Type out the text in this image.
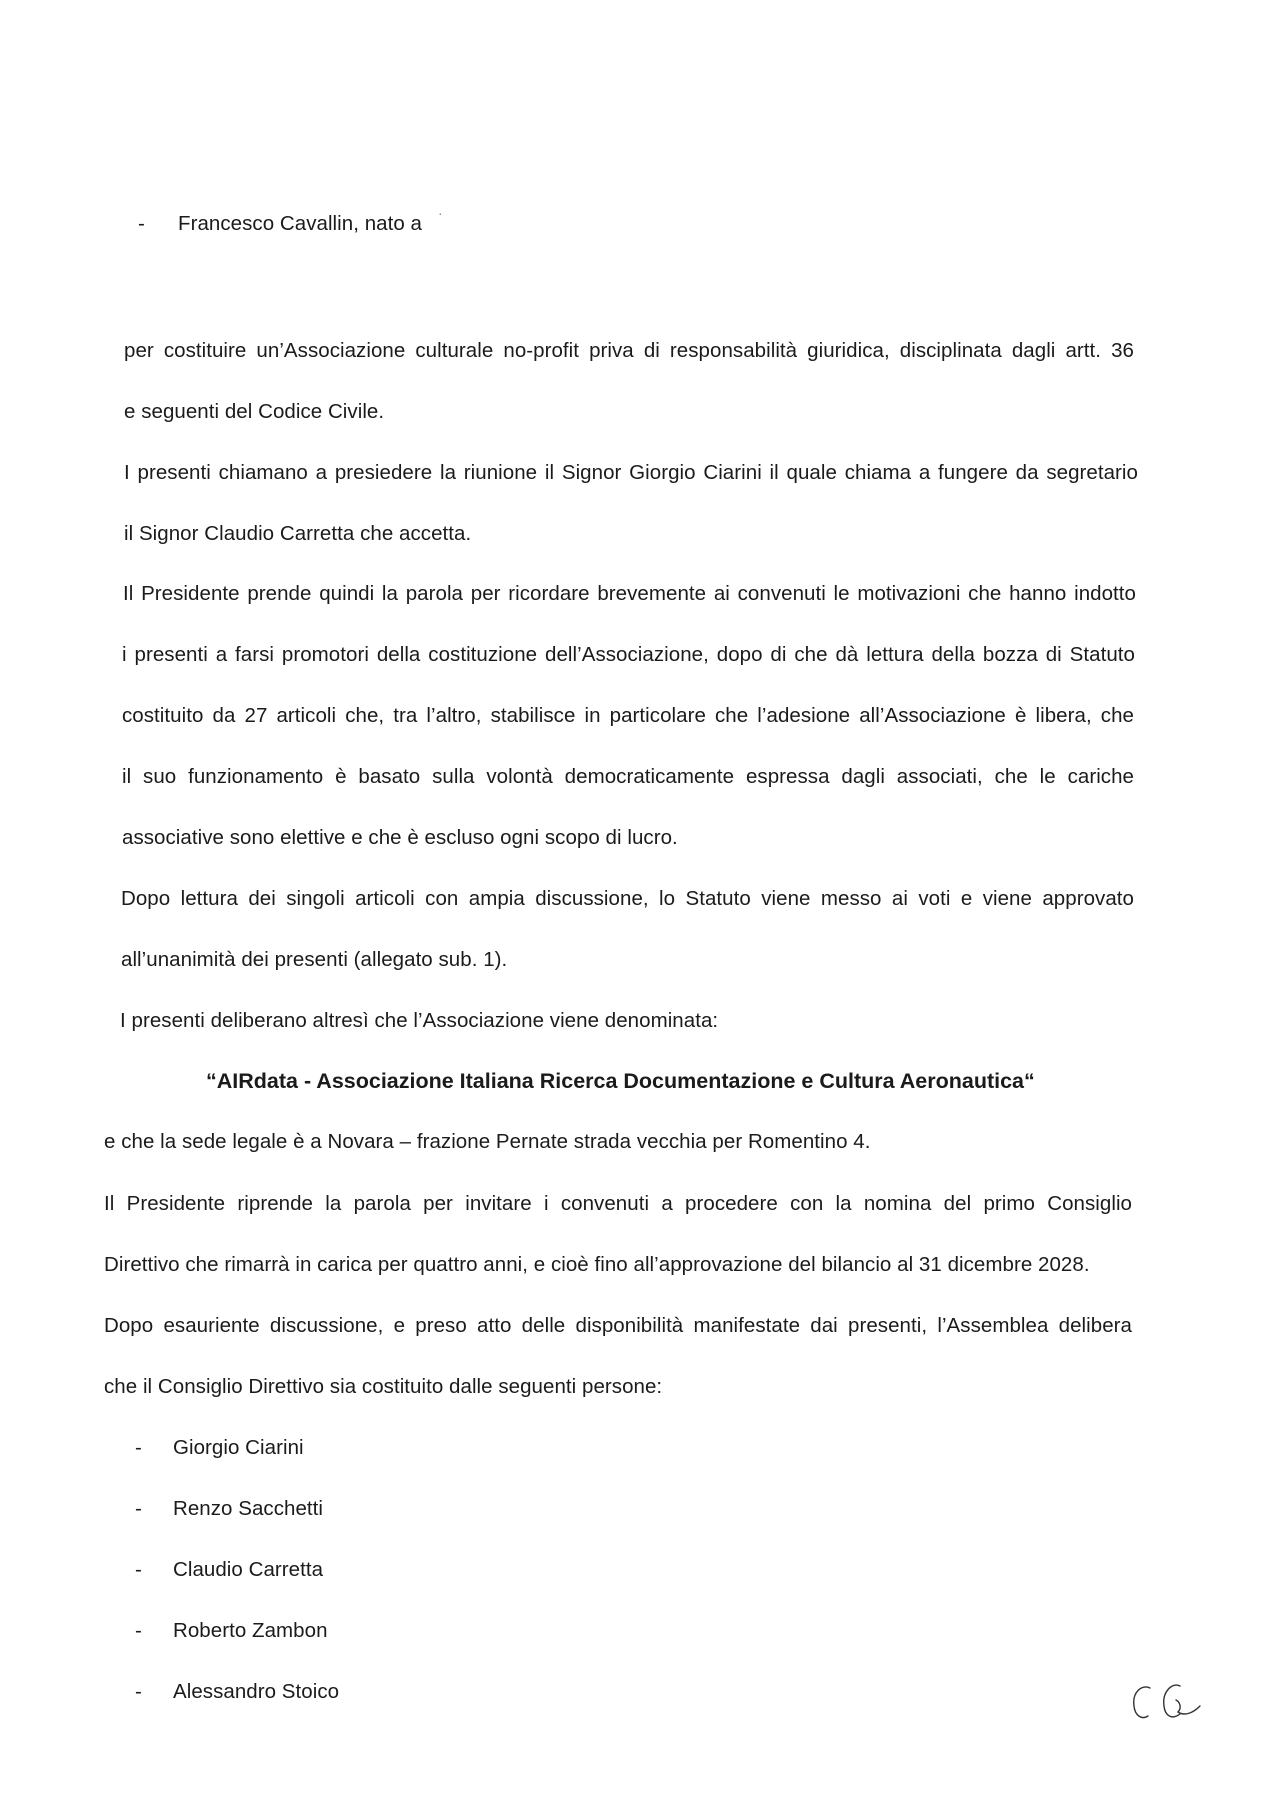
- Francesco Cavallin, nato a ·
per costituire un’Associazione culturale no-profit priva di responsabilità giuridica, disciplinata dagli artt. 36
e seguenti del Codice Civile.
I presenti chiamano a presiedere la riunione il Signor Giorgio Ciarini il quale chiama a fungere da segretario
il Signor Claudio Carretta che accetta.
Il Presidente prende quindi la parola per ricordare brevemente ai convenuti le motivazioni che hanno indotto
i presenti a farsi promotori della costituzione dell’Associazione, dopo di che dà lettura della bozza di Statuto
costituito da 27 articoli che, tra l’altro, stabilisce in particolare che l’adesione all’Associazione è libera, che
il suo funzionamento è basato sulla volontà democraticamente espressa dagli associati, che le cariche
associative sono elettive e che è escluso ogni scopo di lucro.
Dopo lettura dei singoli articoli con ampia discussione, lo Statuto viene messo ai voti e viene approvato
all’unanimità dei presenti (allegato sub. 1).
I presenti deliberano altresì che l’Associazione viene denominata:
“AIRdata - Associazione Italiana Ricerca Documentazione e Cultura Aeronautica“
e che la sede legale è a Novara – frazione Pernate strada vecchia per Romentino 4.
Il Presidente riprende la parola per invitare i convenuti a procedere con la nomina del primo Consiglio
Direttivo che rimarrà in carica per quattro anni, e cioè fino all’approvazione del bilancio al 31 dicembre 2028.
Dopo esauriente discussione, e preso atto delle disponibilità manifestate dai presenti, l’Assemblea delibera
che il Consiglio Direttivo sia costituito dalle seguenti persone:
- Giorgio Ciarini
- Renzo Sacchetti
- Claudio Carretta
- Roberto Zambon
- Alessandro Stoico
